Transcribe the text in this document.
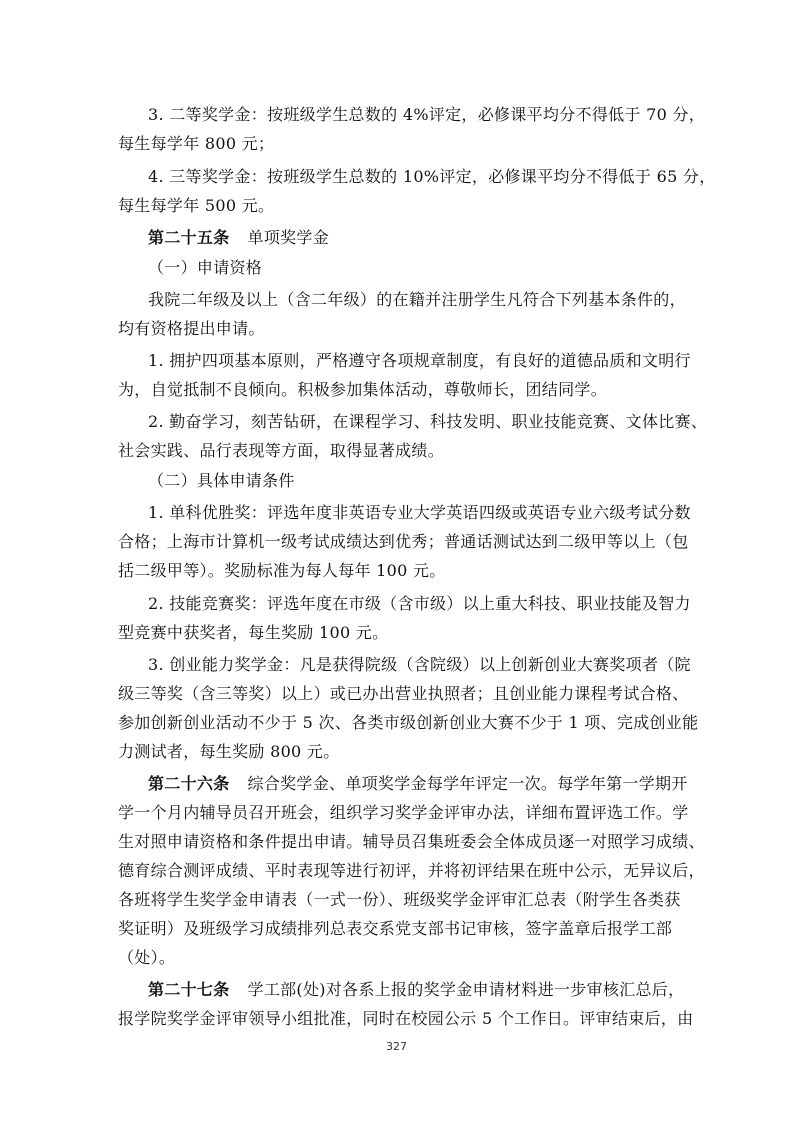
3. 二等奖学金：按班级学生总数的 4%评定，必修课平均分不得低于 70 分，
每生每学年 800 元；
4. 三等奖学金：按班级学生总数的 10%评定，必修课平均分不得低于 65 分，
每生每学年 500 元。
第二十五条 单项奖学金
（一）申请资格
我院二年级及以上（含二年级）的在籍并注册学生凡符合下列基本条件的，
均有资格提出申请。
1. 拥护四项基本原则，严格遵守各项规章制度，有良好的道德品质和文明行
为，自觉抵制不良倾向。积极参加集体活动，尊敬师长，团结同学。
2. 勤奋学习，刻苦钻研，在课程学习、科技发明、职业技能竞赛、文体比赛、
社会实践、品行表现等方面，取得显著成绩。
（二）具体申请条件
1. 单科优胜奖：评选年度非英语专业大学英语四级或英语专业六级考试分数
合格；上海市计算机一级考试成绩达到优秀；普通话测试达到二级甲等以上（包
括二级甲等）。奖励标准为每人每年 100 元。
2. 技能竞赛奖：评选年度在市级（含市级）以上重大科技、职业技能及智力
型竞赛中获奖者，每生奖励 100 元。
3. 创业能力奖学金：凡是获得院级（含院级）以上创新创业大赛奖项者（院
级三等奖（含三等奖）以上）或已办出营业执照者；且创业能力课程考试合格、
参加创新创业活动不少于 5 次、各类市级创新创业大赛不少于 1 项、完成创业能
力测试者，每生奖励 800 元。
第二十六条 综合奖学金、单项奖学金每学年评定一次。每学年第一学期开
学一个月内辅导员召开班会，组织学习奖学金评审办法，详细布置评选工作。学
生对照申请资格和条件提出申请。辅导员召集班委会全体成员逐一对照学习成绩、
德育综合测评成绩、平时表现等进行初评，并将初评结果在班中公示，无异议后，
各班将学生奖学金申请表（一式一份）、班级奖学金评审汇总表（附学生各类获
奖证明）及班级学习成绩排列总表交系党支部书记审核，签字盖章后报学工部
（处）。
第二十七条 学工部(处)对各系上报的奖学金申请材料进一步审核汇总后，
报学院奖学金评审领导小组批准，同时在校园公示 5 个工作日。评审结束后，由
327
